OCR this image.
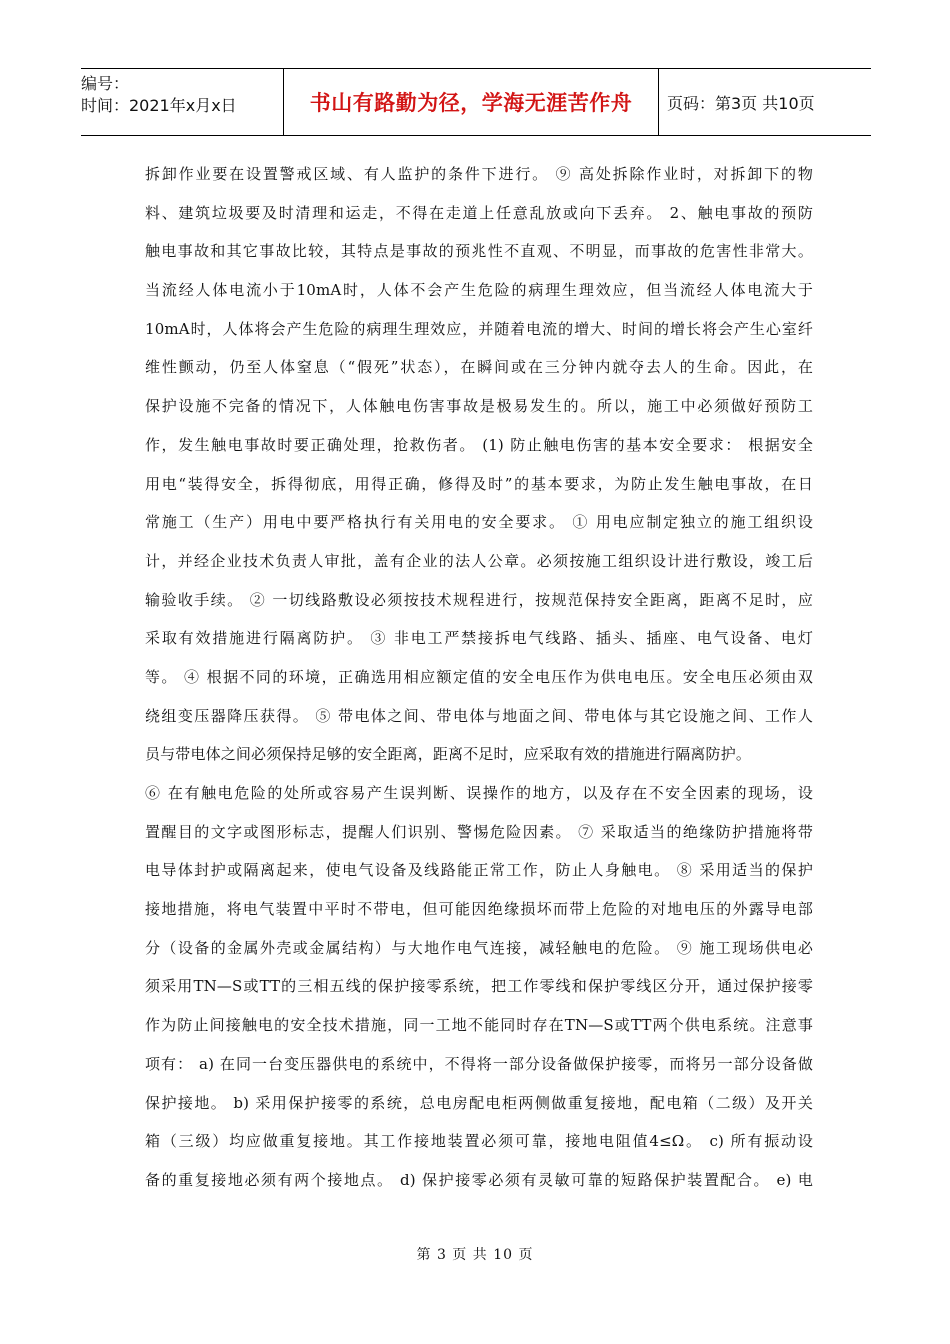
编号：
时间：2021年x月x日	书山有路勤为径，学海无涯苦作舟	页码：第3页 共10页
拆卸作业要在设置警戒区域、有人监护的条件下进行。 ⑨ 高处拆除作业时，对拆卸下的物
料、建筑垃圾要及时清理和运走，不得在走道上任意乱放或向下丢弃。 2、触电事故的预防
触电事故和其它事故比较，其特点是事故的预兆性不直观、不明显，而事故的危害性非常大。
当流经人体电流小于10mA时，人体不会产生危险的病理生理效应，但当流经人体电流大于
10mA时，人体将会产生危险的病理生理效应，并随着电流的增大、时间的增长将会产生心室纤
维性颤动，仍至人体窒息（“假死”状态），在瞬间或在三分钟内就夺去人的生命。因此，在
保护设施不完备的情况下，人体触电伤害事故是极易发生的。所以，施工中必须做好预防工
作，发生触电事故时要正确处理，抢救伤者。 (1) 防止触电伤害的基本安全要求： 根据安全
用电“装得安全，拆得彻底，用得正确，修得及时”的基本要求，为防止发生触电事故，在日
常施工（生产）用电中要严格执行有关用电的安全要求。 ① 用电应制定独立的施工组织设
计，并经企业技术负责人审批，盖有企业的法人公章。必须按施工组织设计进行敷设，竣工后
输验收手续。 ② 一切线路敷设必须按技术规程进行，按规范保持安全距离，距离不足时，应
采取有效措施进行隔离防护。 ③ 非电工严禁接拆电气线路、插头、插座、电气设备、电灯
等。 ④ 根据不同的环境，正确选用相应额定值的安全电压作为供电电压。安全电压必须由双
绕组变压器降压获得。 ⑤ 带电体之间、带电体与地面之间、带电体与其它设施之间、工作人
员与带电体之间必须保持足够的安全距离，距离不足时，应采取有效的措施进行隔离防护。
⑥ 在有触电危险的处所或容易产生误判断、误操作的地方，以及存在不安全因素的现场，设
置醒目的文字或图形标志，提醒人们识别、警惕危险因素。 ⑦ 采取适当的绝缘防护措施将带
电导体封护或隔离起来，使电气设备及线路能正常工作，防止人身触电。 ⑧ 采用适当的保护
接地措施，将电气装置中平时不带电，但可能因绝缘损坏而带上危险的对地电压的外露导电部
分（设备的金属外壳或金属结构）与大地作电气连接，减轻触电的危险。 ⑨ 施工现场供电必
须采用TN—S或TT的三相五线的保护接零系统，把工作零线和保护零线区分开，通过保护接零
作为防止间接触电的安全技术措施，同一工地不能同时存在TN—S或TT两个供电系统。注意事
项有： a) 在同一台变压器供电的系统中，不得将一部分设备做保护接零，而将另一部分设备做
保护接地。 b) 采用保护接零的系统，总电房配电柜两侧做重复接地，配电箱（二级）及开关
箱（三级）均应做重复接地。其工作接地装置必须可靠，接地电阻值4≤Ω。 c) 所有振动设
备的重复接地必须有两个接地点。 d) 保护接零必须有灵敏可靠的短路保护装置配合。 e) 电
第 3 页 共 10 页
